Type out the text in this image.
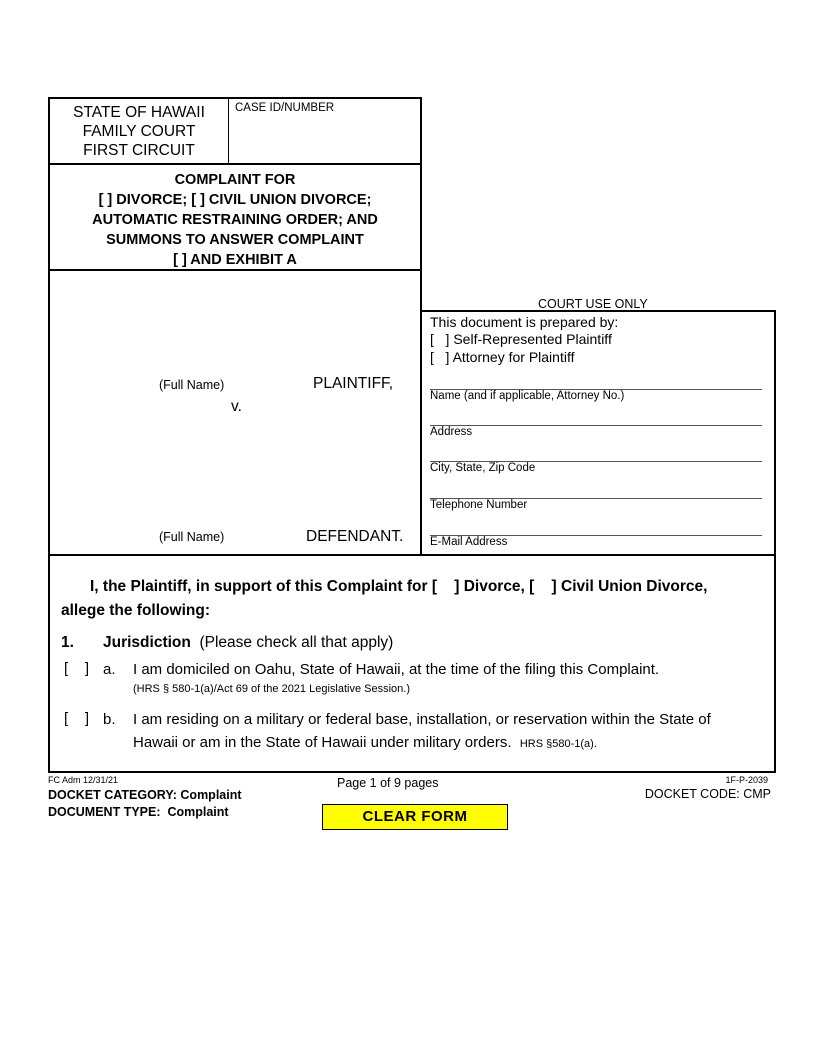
STATE OF HAWAII
FAMILY COURT
FIRST CIRCUIT
CASE ID/NUMBER
COMPLAINT FOR
[ ] DIVORCE; [ ] CIVIL UNION DIVORCE;
AUTOMATIC RESTRAINING ORDER; AND
SUMMONS TO ANSWER COMPLAINT
[ ] AND EXHIBIT A
(Full Name)	PLAINTIFF,
v.
(Full Name)	DEFENDANT.
COURT USE ONLY
This document is prepared by:
[   ] Self-Represented Plaintiff
[   ] Attorney for Plaintiff
Name (and if applicable, Attorney No.)
Address
City, State, Zip Code
Telephone Number
E-Mail Address
I, the Plaintiff, in support of this Complaint for [    ] Divorce, [    ] Civil Union Divorce,
allege the following:
1. Jurisdiction (Please check all that apply)
[    ] a. I am domiciled on Oahu, State of Hawaii, at the time of the filing this Complaint.
(HRS § 580-1(a)/Act 69 of the 2021 Legislative Session.)
[    ] b. I am residing on a military or federal base, installation, or reservation within the State of
Hawaii or am in the State of Hawaii under military orders. HRS §580-1(a).
FC Adm 12/31/21
DOCKET CATEGORY: Complaint
DOCUMENT TYPE:  Complaint
Page 1 of 9 pages	1F-P-2039
DOCKET CODE: CMP
CLEAR FORM
